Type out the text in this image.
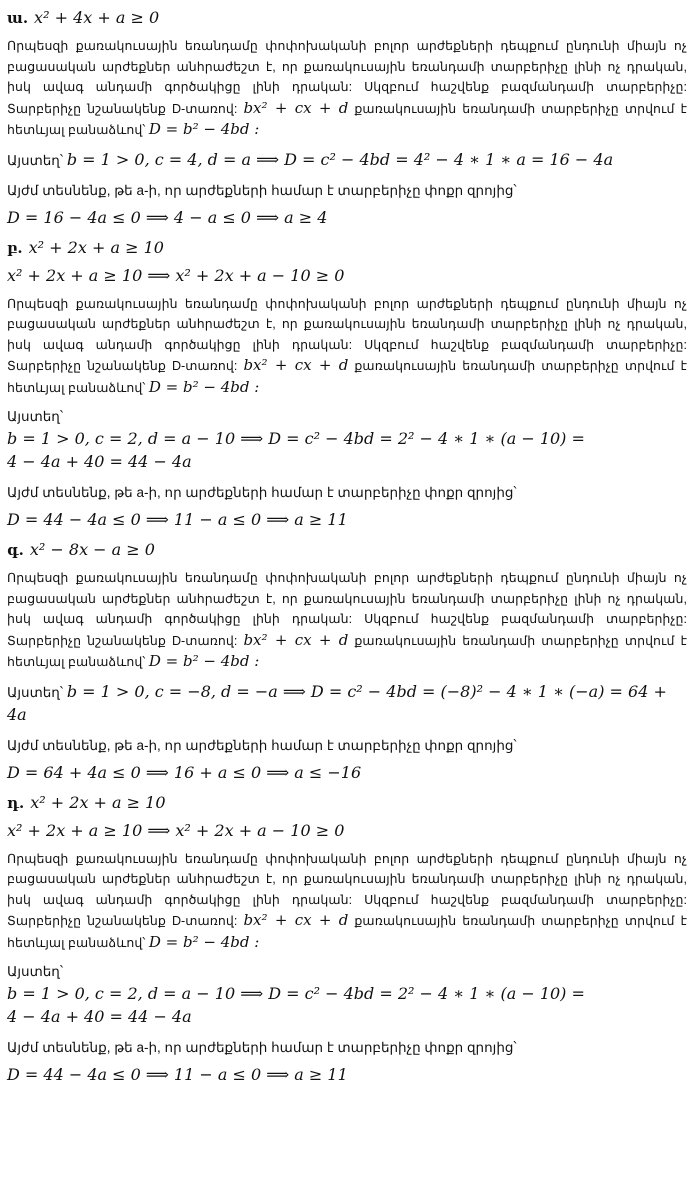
ա. x² + 4x + a ≥ 0
Որպեսզի քառակուսային եռանդամը փոփոխականի բոլոր արժեքների դեպքում ընդունի միայն ոչ բացասական արժեքներ անհրաժեշտ է, որ քառակուսային եռանդամի տարբերիչը լինի ոչ դրական, իսկ ավագ անդամի գործակիցը լինի դրական: Սկզբում հաշվենք բազմանդամի տարբերիչը: Տարբերիչը նշանակենք D-տառով: bx² + cx + d քառակուսային եռանդամի տարբերիչը տրվում է հետևյալ բանաձևով՝ D = b² − 4bd :
Այստեղ՝ b = 1 > 0, c = 4, d = a ⟹ D = c² − 4bd = 4² − 4 ∗ 1 ∗ a = 16 − 4a
Այժմ տեսնենք, թե a-ի, որ արժեքների համար է տարբերիչը փոքր զրոյից՝
D = 16 − 4a ≤ 0 ⟹ 4 − a ≤ 0 ⟹ a ≥ 4
բ. x² + 2x + a ≥ 10
x² + 2x + a ≥ 10 ⟹ x² + 2x + a − 10 ≥ 0
Որպեսզի քառակուսային եռանդամը փոփոխականի բոլոր արժեքների դեպքում ընդունի միայն ոչ բացասական արժեքներ անհրաժեշտ է, որ քառակուսային եռանդամի տարբերիչը լինի ոչ դրական, իսկ ավագ անդամի գործակիցը լինի դրական: Սկզբում հաշվենք բազմանդամի տարբերիչը: Տարբերիչը նշանակենք D-տառով: bx² + cx + d քառակուսային եռանդամի տարբերիչը տրվում է հետևյալ բանաձևով՝ D = b² − 4bd :
Այստեղ՝  b = 1 > 0, c = 2, d = a − 10 ⟹ D = c² − 4bd = 2² − 4 ∗ 1 ∗ (a − 10) =
4 − 4a + 40 = 44 − 4a
Այժմ տեսնենք, թե a-ի, որ արժեքների համար է տարբերիչը փոքր զրոյից՝
D = 44 − 4a ≤ 0 ⟹ 11 − a ≤ 0 ⟹ a ≥ 11
գ. x² − 8x − a ≥ 0
Որպեսզի քառակուսային եռանդամը փոփոխականի բոլոր արժեքների դեպքում ընդունի միայն ոչ բացասական արժեքներ անհրաժեշտ է, որ քառակուսային եռանդամի տարբերիչը լինի ոչ դրական, իսկ ավագ անդամի գործակիցը լինի դրական: Սկզբում հաշվենք բազմանդամի տարբերիչը: Տարբերիչը նշանակենք D-տառով: bx² + cx + d քառակուսային եռանդամի տարբերիչը տրվում է հետևյալ բանաձևով՝ D = b² − 4bd :
Այստեղ՝ b = 1 > 0, c = −8, d = −a ⟹ D = c² − 4bd = (−8)² − 4 ∗ 1 ∗ (−a) = 64 +
4a
Այժմ տեսնենք, թե a-ի, որ արժեքների համար է տարբերիչը փոքր զրոյից՝
D = 64 + 4a ≤ 0 ⟹ 16 + a ≤ 0 ⟹ a ≤ −16
դ. x² + 2x + a ≥ 10
x² + 2x + a ≥ 10 ⟹ x² + 2x + a − 10 ≥ 0
Որպեսզի քառակուսային եռանդամը փոփոխականի բոլոր արժեքների դեպքում ընդունի միայն ոչ բացասական արժեքներ անհրաժեշտ է, որ քառակուսային եռանդամի տարբերիչը լինի ոչ դրական, իսկ ավագ անդամի գործակիցը լինի դրական: Սկզբում հաշվենք բազմանդամի տարբերիչը: Տարբերիչը նշանակենք D-տառով: bx² + cx + d քառակուսային եռանդամի տարբերիչը տրվում է հետևյալ բանաձևով՝ D = b² − 4bd :
Այստեղ՝  b = 1 > 0, c = 2, d = a − 10 ⟹ D = c² − 4bd = 2² − 4 ∗ 1 ∗ (a − 10) =
4 − 4a + 40 = 44 − 4a
Այժմ տեսնենք, թե a-ի, որ արժեքների համար է տարբերիչը փոքր զրոյից՝
D = 44 − 4a ≤ 0 ⟹ 11 − a ≤ 0 ⟹ a ≥ 11
